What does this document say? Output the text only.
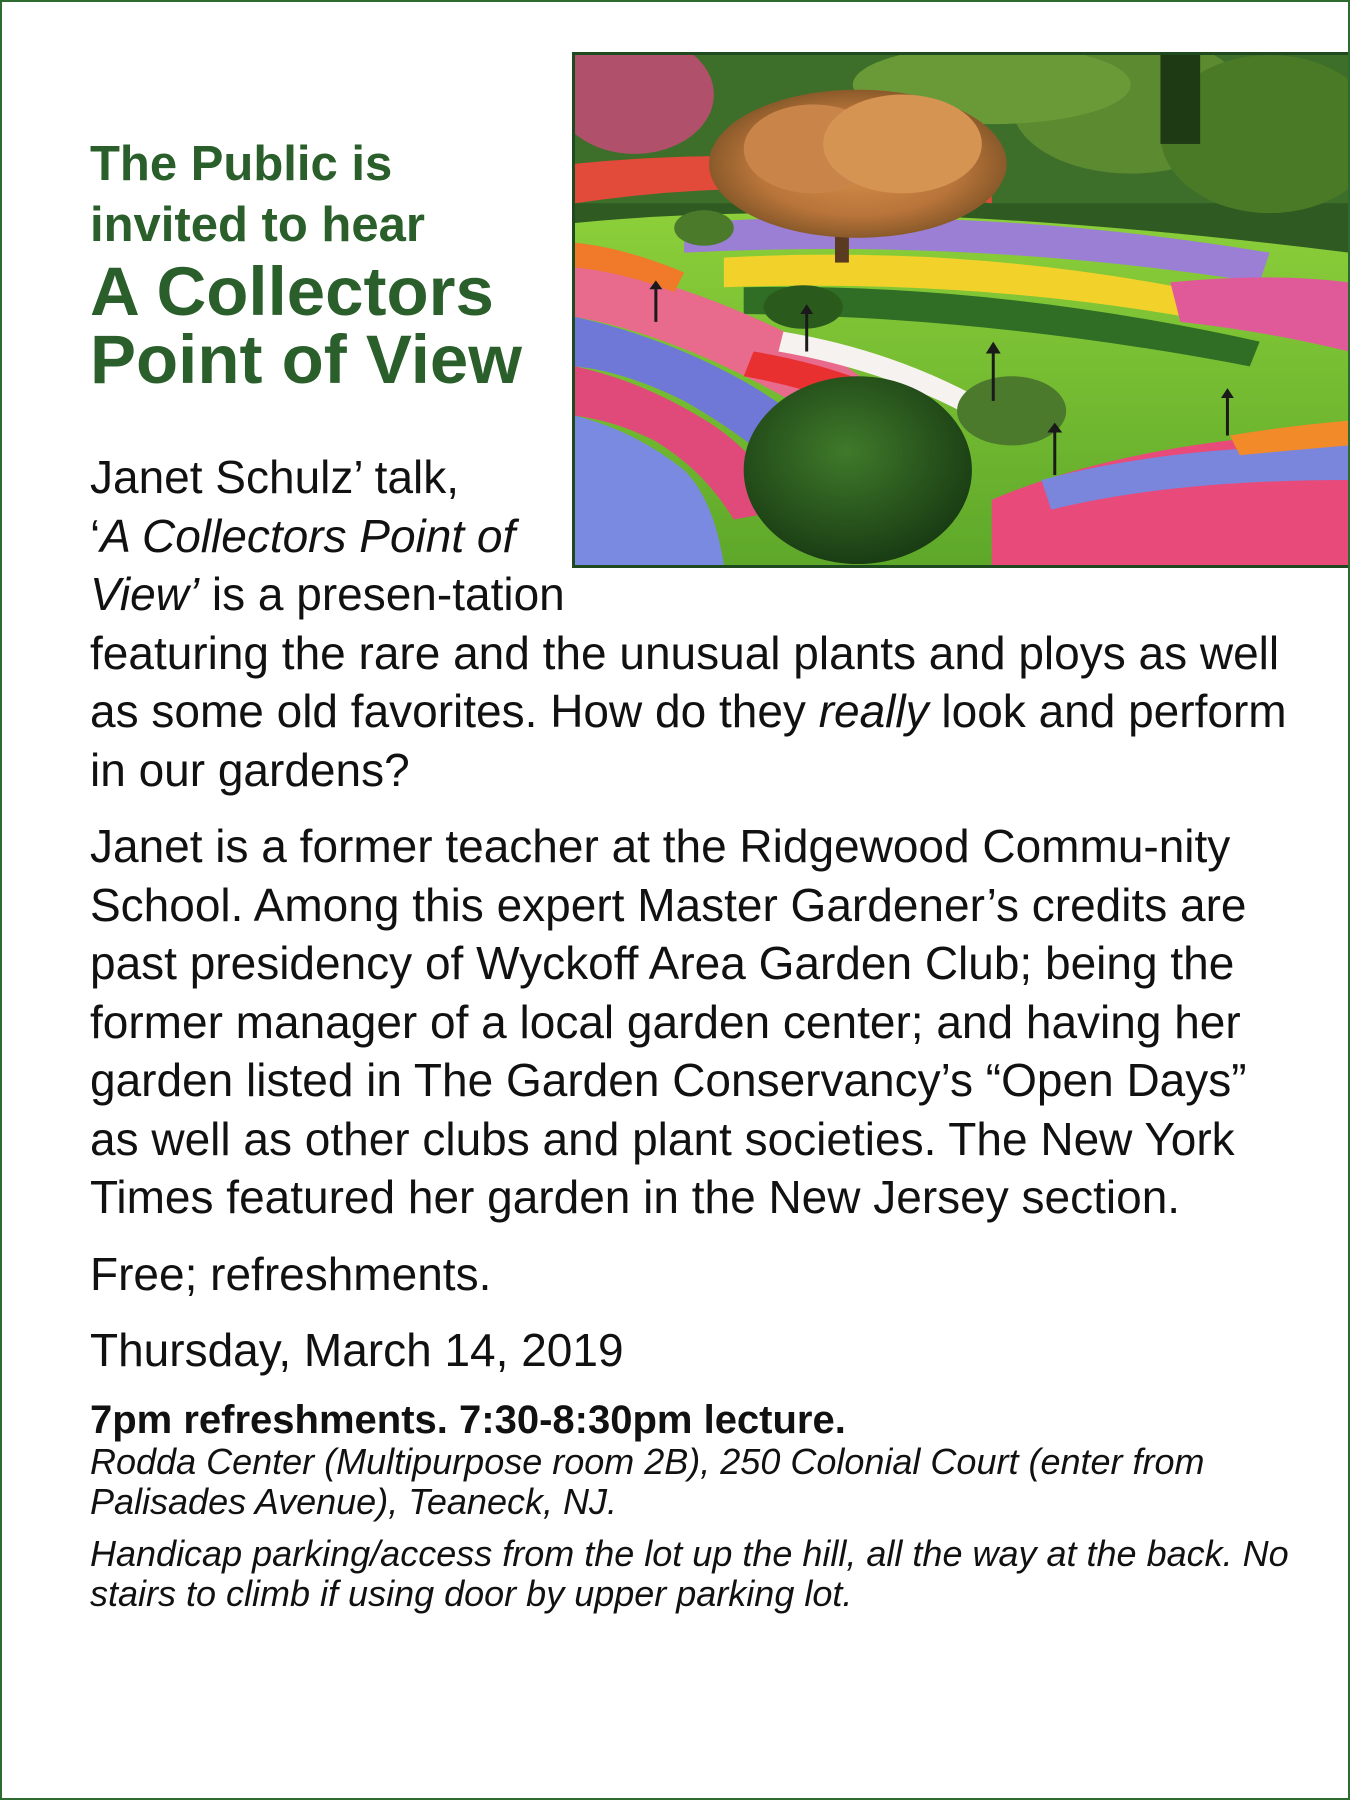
The Public is
invited to hear
A Collectors
Point of View

Janet Schulz’ talk,
‘A Collectors Point of View’ is a presen-tation featuring the rare and the unusual plants and ploys as well as some old favorites. How do they really look and perform in our gardens?

Janet is a former teacher at the Ridgewood Commu-nity School. Among this expert Master Gardener’s credits are past presidency of Wyckoff Area Garden Club; being the former manager of a local garden center; and having her garden listed in The Garden Conservancy’s “Open Days” as well as other clubs and plant societies. The New York Times featured her garden in the New Jersey section.

Free; refreshments.

Thursday, March 14, 2019

7pm refreshments. 7:30-8:30pm lecture.

Rodda Center (Multipurpose room 2B), 250 Colonial Court (enter from Palisades Avenue), Teaneck, NJ.

Handicap parking/access from the lot up the hill, all the way at the back. No stairs to climb if using door by upper parking lot.
